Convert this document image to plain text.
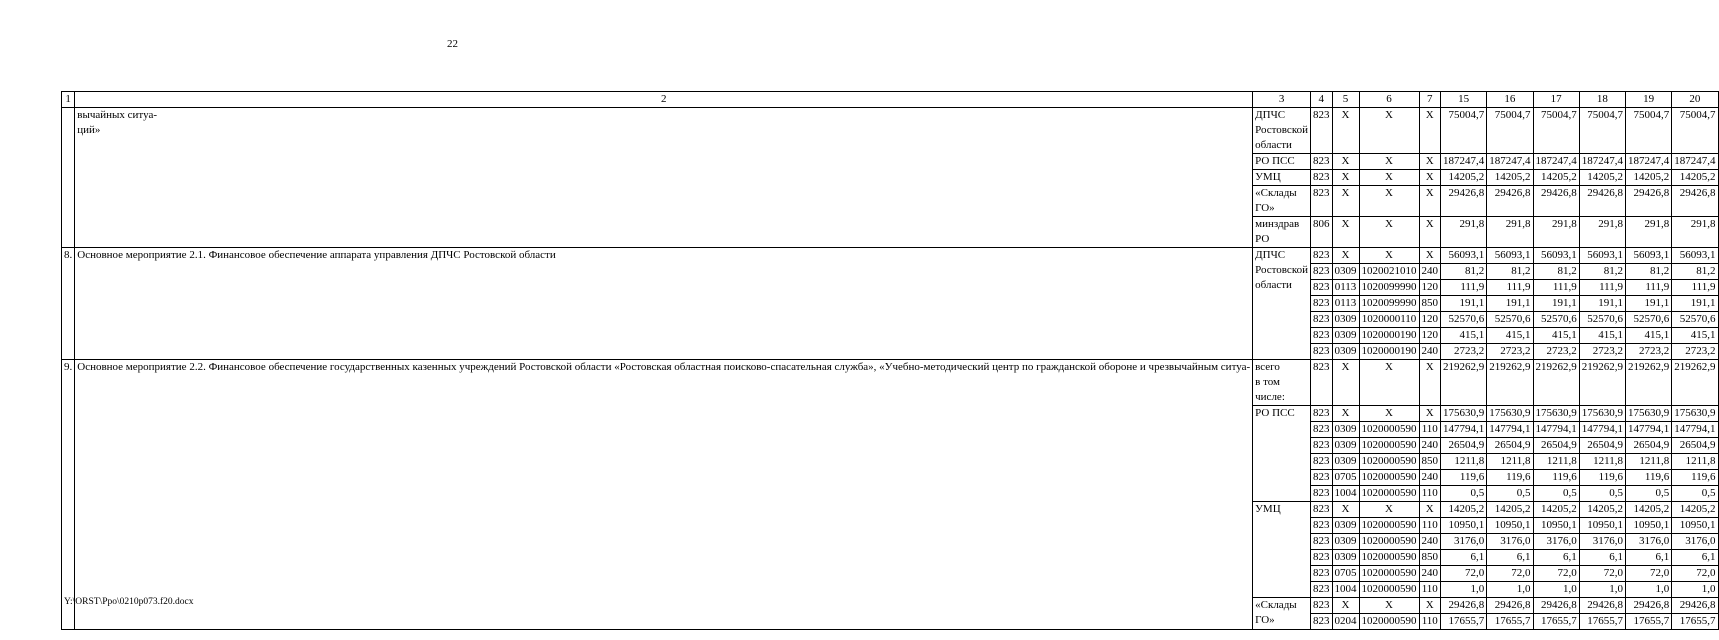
22
1	2	3	4	5	6	7	15	16	17	18	19	20
	вычайных ситуа-
ций»	ДПЧС
Ростовской
области	823	Х	Х	Х	75004,7	75004,7	75004,7	75004,7	75004,7	75004,7
		РО ПСС	823	Х	Х	Х	187247,4	187247,4	187247,4	187247,4	187247,4	187247,4
		УМЦ	823	Х	Х	Х	14205,2	14205,2	14205,2	14205,2	14205,2	14205,2
		«Склады
ГО»	823	Х	Х	Х	29426,8	29426,8	29426,8	29426,8	29426,8	29426,8
		минздрав РО	806	Х	Х	Х	291,8	291,8	291,8	291,8	291,8	291,8
8.	Основное мероприятие 2.1. Финансовое обеспечение аппарата управления ДПЧС Ростовской области	ДПЧС
Ростовской
области	823	Х	Х	Х	56093,1	56093,1	56093,1	56093,1	56093,1	56093,1
			823	0309	1020021010	240	81,2	81,2	81,2	81,2	81,2	81,2
			823	0113	1020099990	120	111,9	111,9	111,9	111,9	111,9	111,9
			823	0113	1020099990	850	191,1	191,1	191,1	191,1	191,1	191,1
			823	0309	1020000110	120	52570,6	52570,6	52570,6	52570,6	52570,6	52570,6
			823	0309	1020000190	120	415,1	415,1	415,1	415,1	415,1	415,1
			823	0309	1020000190	240	2723,2	2723,2	2723,2	2723,2	2723,2	2723,2
9.	Основное мероприятие 2.2. Финансовое обеспечение государственных казенных учреждений Ростовской области «Ростовская областная поисково-спасательная служба», «Учебно-методический центр по гражданской обороне и чрезвычайным ситуа-	всего
в том числе:	823	Х	Х	Х	219262,9	219262,9	219262,9	219262,9	219262,9	219262,9
		РО ПСС	823	Х	Х	Х	175630,9	175630,9	175630,9	175630,9	175630,9	175630,9
			823	0309	1020000590	110	147794,1	147794,1	147794,1	147794,1	147794,1	147794,1
			823	0309	1020000590	240	26504,9	26504,9	26504,9	26504,9	26504,9	26504,9
			823	0309	1020000590	850	1211,8	1211,8	1211,8	1211,8	1211,8	1211,8
			823	0705	1020000590	240	119,6	119,6	119,6	119,6	119,6	119,6
			823	1004	1020000590	110	0,5	0,5	0,5	0,5	0,5	0,5
		УМЦ	823	Х	Х	Х	14205,2	14205,2	14205,2	14205,2	14205,2	14205,2
			823	0309	1020000590	110	10950,1	10950,1	10950,1	10950,1	10950,1	10950,1
			823	0309	1020000590	240	3176,0	3176,0	3176,0	3176,0	3176,0	3176,0
			823	0309	1020000590	850	6,1	6,1	6,1	6,1	6,1	6,1
			823	0705	1020000590	240	72,0	72,0	72,0	72,0	72,0	72,0
			823	1004	1020000590	110	1,0	1,0	1,0	1,0	1,0	1,0
		«Склады
ГО»	823	Х	Х	Х	29426,8	29426,8	29426,8	29426,8	29426,8	29426,8
			823	0204	1020000590	110	17655,7	17655,7	17655,7	17655,7	17655,7	17655,7
Y:\ORST\Ppo\0210p073.f20.docx
